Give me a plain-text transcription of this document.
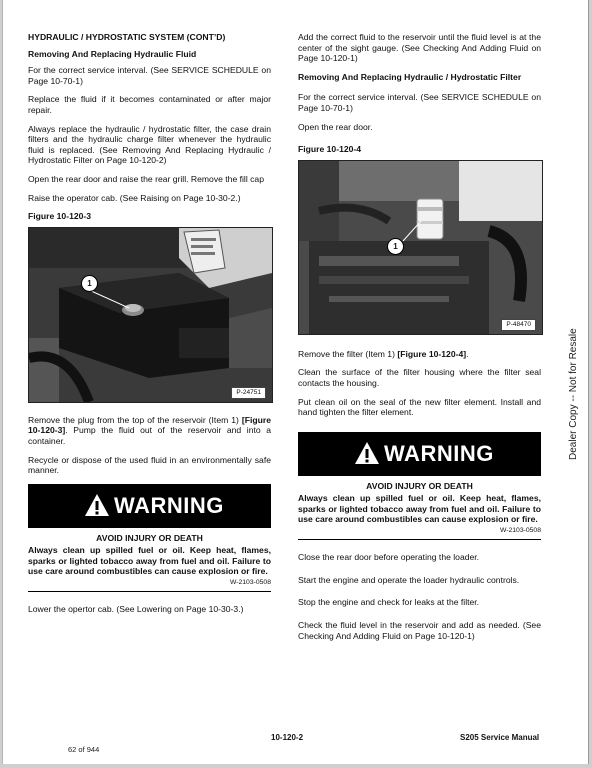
HYDRAULIC / HYDROSTATIC SYSTEM (CONT’D)
Removing And Replacing Hydraulic Fluid

For the correct service interval. (See SERVICE SCHEDULE on Page 10-70-1)

Replace the fluid if it becomes contaminated or after major repair.

Always replace the hydraulic / hydrostatic filter, the case drain filters and the hydraulic charge filter whenever the hydraulic fluid is replaced. (See Removing And Replacing Hydraulic / Hydrostatic Filter on Page 10-120-2)

Open the rear door and raise the rear grill. Remove the fill cap

Raise the operator cab. (See Raising on Page 10-30-2.)

Figure 10-120-3
1
P-24751

Remove the plug from the top of the reservoir (Item 1) [Figure 10-120-3]. Pump the fluid out of the reservoir and into a container.

Recycle or dispose of the used fluid in an environmentally safe manner.

WARNING
AVOID INJURY OR DEATH
Always clean up spilled fuel or oil. Keep heat, flames, sparks or lighted tobacco away from fuel and oil. Failure to use care around combustibles can cause explosion or fire.
W-2103-0508

Lower the opertor cab. (See Lowering on Page 10-30-3.)

Add the correct fluid to the reservoir until the fluid level is at the center of the sight gauge. (See Checking And Adding Fluid on Page 10-120-1)

Removing And Replacing Hydraulic / Hydrostatic Filter

For the correct service interval. (See SERVICE SCHEDULE on Page 10-70-1)

Open the rear door.

Figure 10-120-4
1
P-48470

Remove the filter (Item 1) [Figure 10-120-4].

Clean the surface of the filter housing where the filter seal contacts the housing.

Put clean oil on the seal of the new filter element. Install and hand tighten the filter element.

WARNING
AVOID INJURY OR DEATH
Always clean up spilled fuel or oil. Keep heat, flames, sparks or lighted tobacco away from fuel and oil. Failure to use care around combustibles can cause explosion or fire.
W-2103-0508

Close the rear door before operating the loader.

Start the engine and operate the loader hydraulic controls.

Stop the engine and check for leaks at the filter.

Check the fluid level in the reservoir and add as needed. (See Checking And Adding Fluid on Page 10-120-1)

10-120-2	S205 Service Manual
62 of 944
Dealer Copy -- Not for Resale
